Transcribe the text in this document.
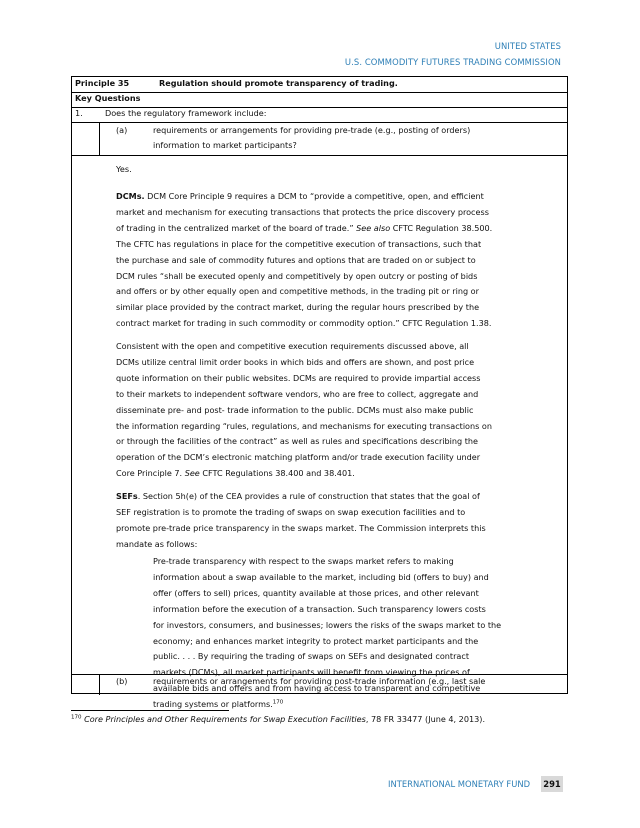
UNITED STATES
U.S. COMMODITY FUTURES TRADING COMMISSION
Principle 35	Regulation should promote transparency of trading.
Key Questions
1.	Does the regulatory framework include:
(a)	requirements or arrangements for providing pre-trade (e.g., posting of orders)
information to market participants?

Yes.

DCMs. DCM Core Principle 9 requires a DCM to “provide a competitive, open, and efficient

market and mechanism for executing transactions that protects the price discovery process

of trading in the centralized market of the board of trade.” See also CFTC Regulation 38.500.

The CFTC has regulations in place for the competitive execution of transactions, such that

the purchase and sale of commodity futures and options that are traded on or subject to

DCM rules “shall be executed openly and competitively by open outcry or posting of bids

and offers or by other equally open and competitive methods, in the trading pit or ring or

similar place provided by the contract market, during the regular hours prescribed by the

contract market for trading in such commodity or commodity option.” CFTC Regulation 1.38.

Consistent with the open and competitive execution requirements discussed above, all

DCMs utilize central limit order books in which bids and offers are shown, and post price

quote information on their public websites. DCMs are required to provide impartial access

to their markets to independent software vendors, who are free to collect, aggregate and

disseminate pre- and post- trade information to the public. DCMs must also make public

the information regarding “rules, regulations, and mechanisms for executing transactions on

or through the facilities of the contract” as well as rules and specifications describing the

operation of the DCM’s electronic matching platform and/or trade execution facility under

Core Principle 7. See CFTC Regulations 38.400 and 38.401.

SEFs. Section 5h(e) of the CEA provides a rule of construction that states that the goal of

SEF registration is to promote the trading of swaps on swap execution facilities and to

promote pre-trade price transparency in the swaps market. The Commission interprets this

mandate as follows:

Pre-trade transparency with respect to the swaps market refers to making

information about a swap available to the market, including bid (offers to buy) and

offer (offers to sell) prices, quantity available at those prices, and other relevant

information before the execution of a transaction. Such transparency lowers costs

for investors, consumers, and businesses; lowers the risks of the swaps market to the

economy; and enhances market integrity to protect market participants and the

public. . . . By requiring the trading of swaps on SEFs and designated contract

markets (DCMs), all market participants will benefit from viewing the prices of

available bids and offers and from having access to transparent and competitive

trading systems or platforms.$^{170}$

(b)	requirements or arrangements for providing post-trade information (e.g., last sale
$^{170}$ Core Principles and Other Requirements for Swap Execution Facilities, 78 FR 33477 (June 4, 2013).
INTERNATIONAL MONETARY FUND 291
